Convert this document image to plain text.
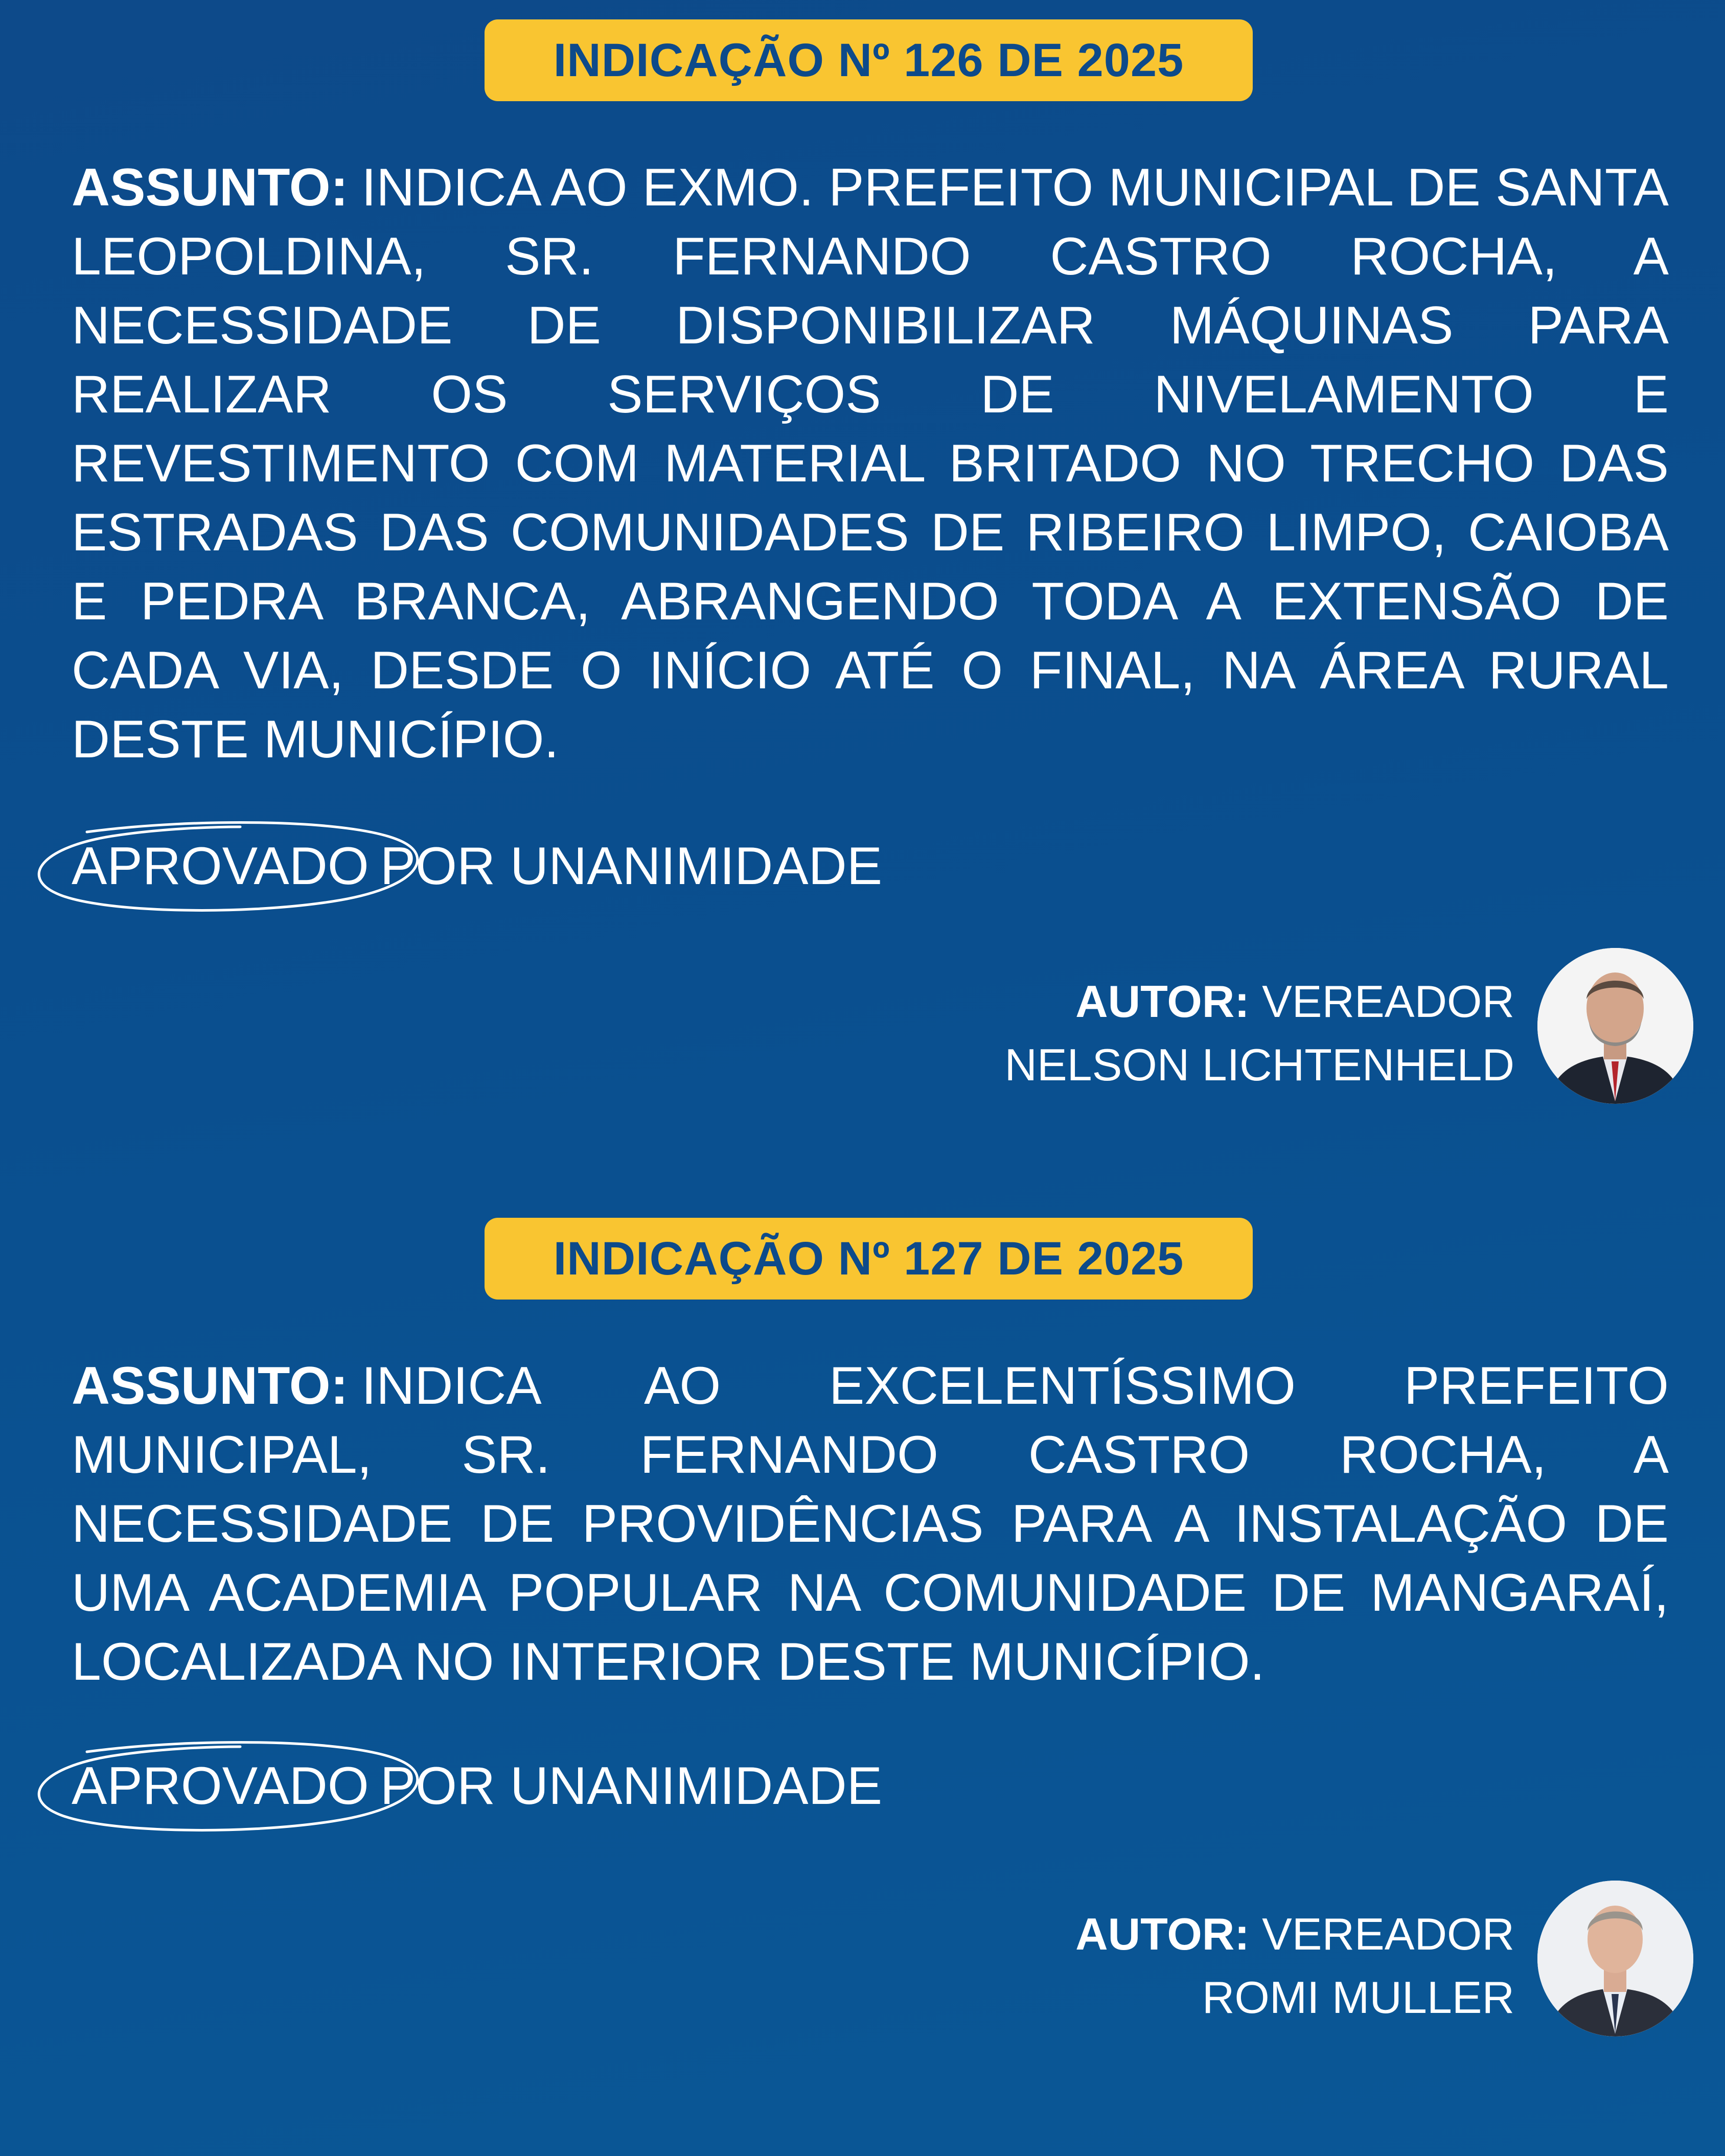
INDICAÇÃO Nº 126 DE 2025

ASSUNTO: INDICA AO EXMO. PREFEITO MUNICIPAL DE SANTA LEOPOLDINA, SR. FERNANDO CASTRO ROCHA, A NECESSIDADE DE DISPONIBILIZAR MÁQUINAS PARA REALIZAR OS SERVIÇOS DE NIVELAMENTO E REVESTIMENTO COM MATERIAL BRITADO NO TRECHO DAS ESTRADAS DAS COMUNIDADES DE RIBEIRO LIMPO, CAIOBA E PEDRA BRANCA, ABRANGENDO TODA A EXTENSÃO DE CADA VIA, DESDE O INÍCIO ATÉ O FINAL, NA ÁREA RURAL DESTE MUNICÍPIO.

APROVADO POR UNANIMIDADE
AUTOR: VEREADOR
NELSON LICHTENHELD
INDICAÇÃO Nº 127 DE 2025

ASSUNTO: INDICA AO EXCELENTÍSSIMO PREFEITO MUNICIPAL, SR. FERNANDO CASTRO ROCHA, A NECESSIDADE DE PROVIDÊNCIAS PARA A INSTALAÇÃO DE UMA ACADEMIA POPULAR NA COMUNIDADE DE MANGARAÍ, LOCALIZADA NO INTERIOR DESTE MUNICÍPIO.

APROVADO POR UNANIMIDADE
AUTOR: VEREADOR
ROMI MULLER
